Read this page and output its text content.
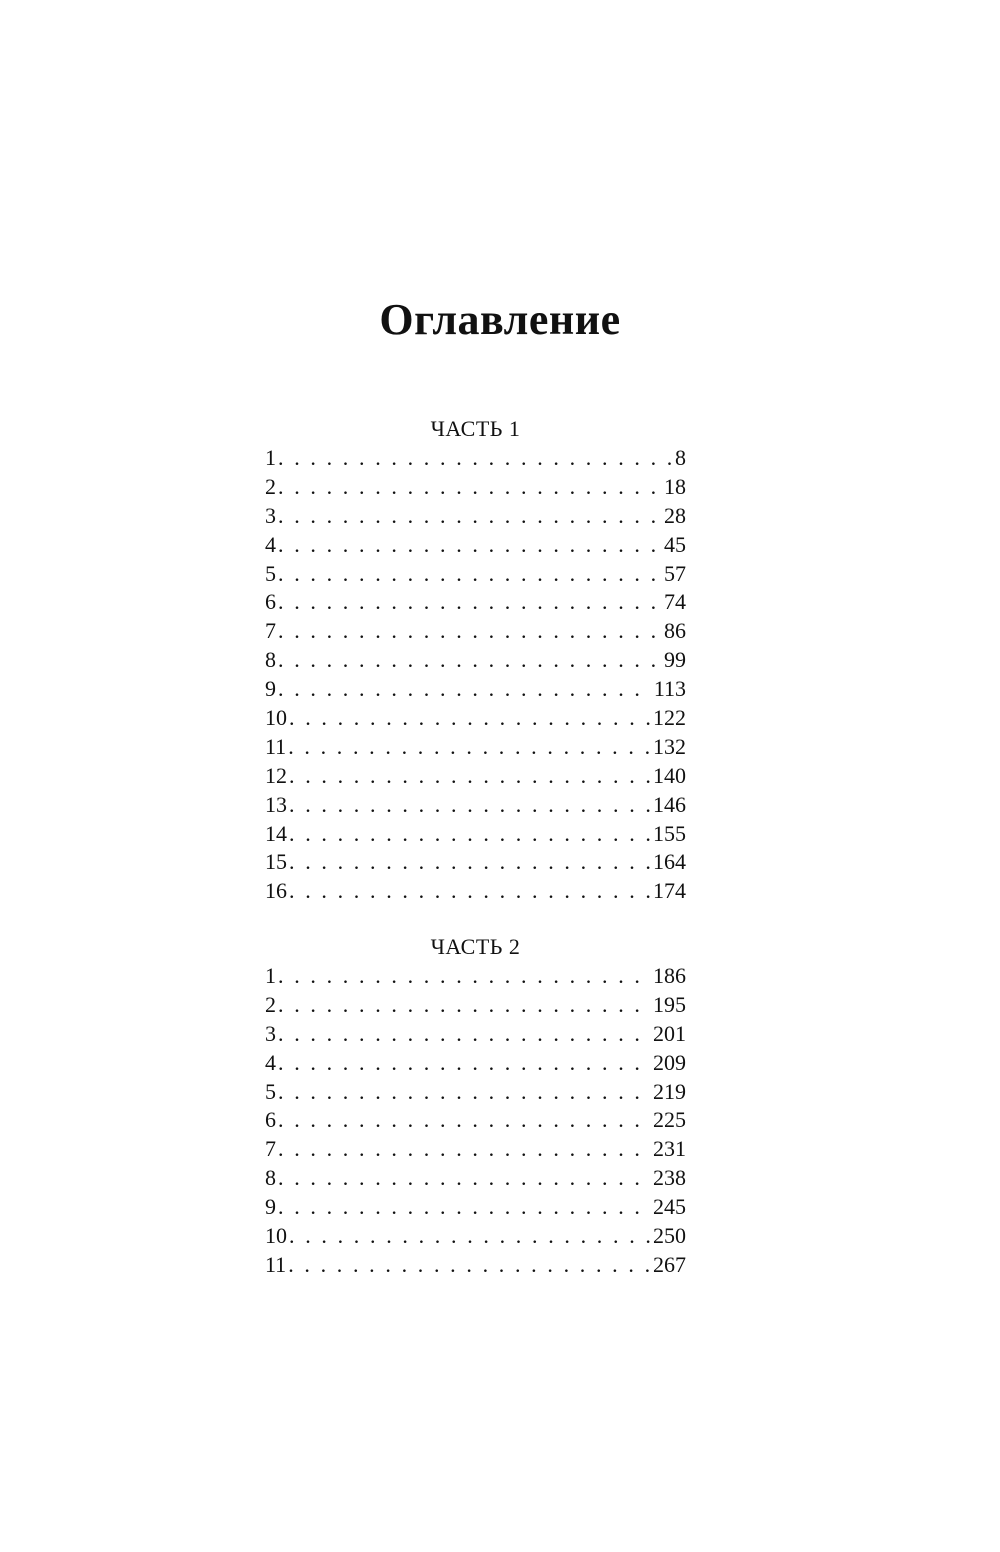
Оглавление
ЧАСТЬ 1
1 . . .	8
2 . . .	18
3 . . .	28
4 . . .	45
5 . . .	57
6 . . .	74
7 . . .	86
8 . . .	99
9 . . .	113
10 . . .	122
11 . . .	132
12 . . .	140
13 . . .	146
14 . . .	155
15 . . .	164
16 . . .	174
ЧАСТЬ 2
1 . . .	186
2 . . .	195
3 . . .	201
4 . . .	209
5 . . .	219
6 . . .	225
7 . . .	231
8 . . .	238
9 . . .	245
10 . . .	250
11 . . .	267
